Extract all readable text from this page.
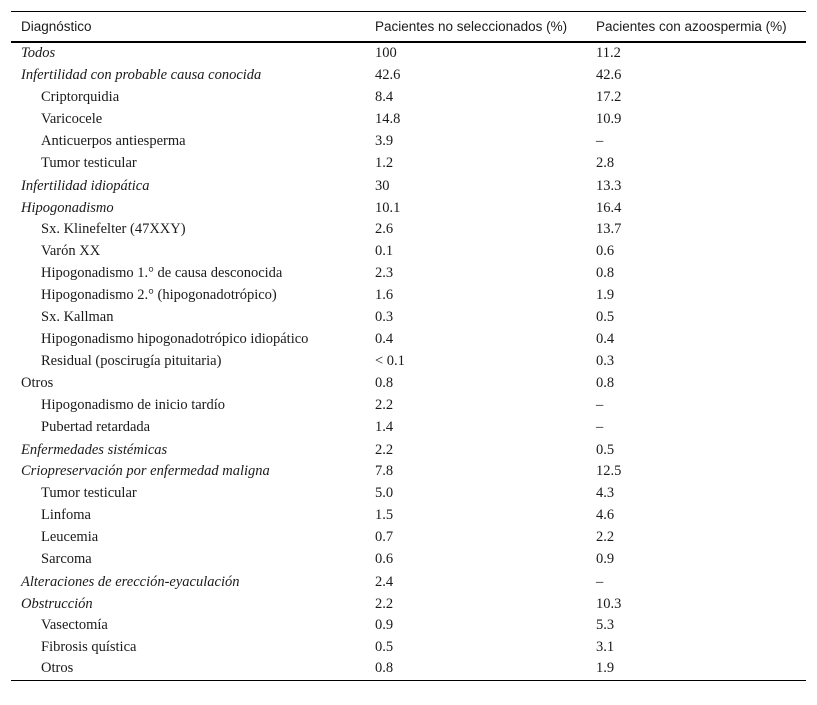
Diagnóstico	Pacientes no seleccionados (%)	Pacientes con azoospermia (%)
Todos	100	11.2
Infertilidad con probable causa conocida	42.6	42.6
Criptorquidia	8.4	17.2
Varicocele	14.8	10.9
Anticuerpos antiesperma	3.9	–
Tumor testicular	1.2	2.8
Infertilidad idiopática	30	13.3
Hipogonadismo	10.1	16.4
Sx. Klinefelter (47XXY)	2.6	13.7
Varón XX	0.1	0.6
Hipogonadismo 1.° de causa desconocida	2.3	0.8
Hipogonadismo 2.° (hipogonadotrópico)	1.6	1.9
Sx. Kallman	0.3	0.5
Hipogonadismo hipogonadotrópico idiopático	0.4	0.4
Residual (poscirugía pituitaria)	< 0.1	0.3
Otros	0.8	0.8
Hipogonadismo de inicio tardío	2.2	–
Pubertad retardada	1.4	–
Enfermedades sistémicas	2.2	0.5
Criopreservación por enfermedad maligna	7.8	12.5
Tumor testicular	5.0	4.3
Linfoma	1.5	4.6
Leucemia	0.7	2.2
Sarcoma	0.6	0.9
Alteraciones de erección-eyaculación	2.4	–
Obstrucción	2.2	10.3
Vasectomía	0.9	5.3
Fibrosis quística	0.5	3.1
Otros	0.8	1.9
